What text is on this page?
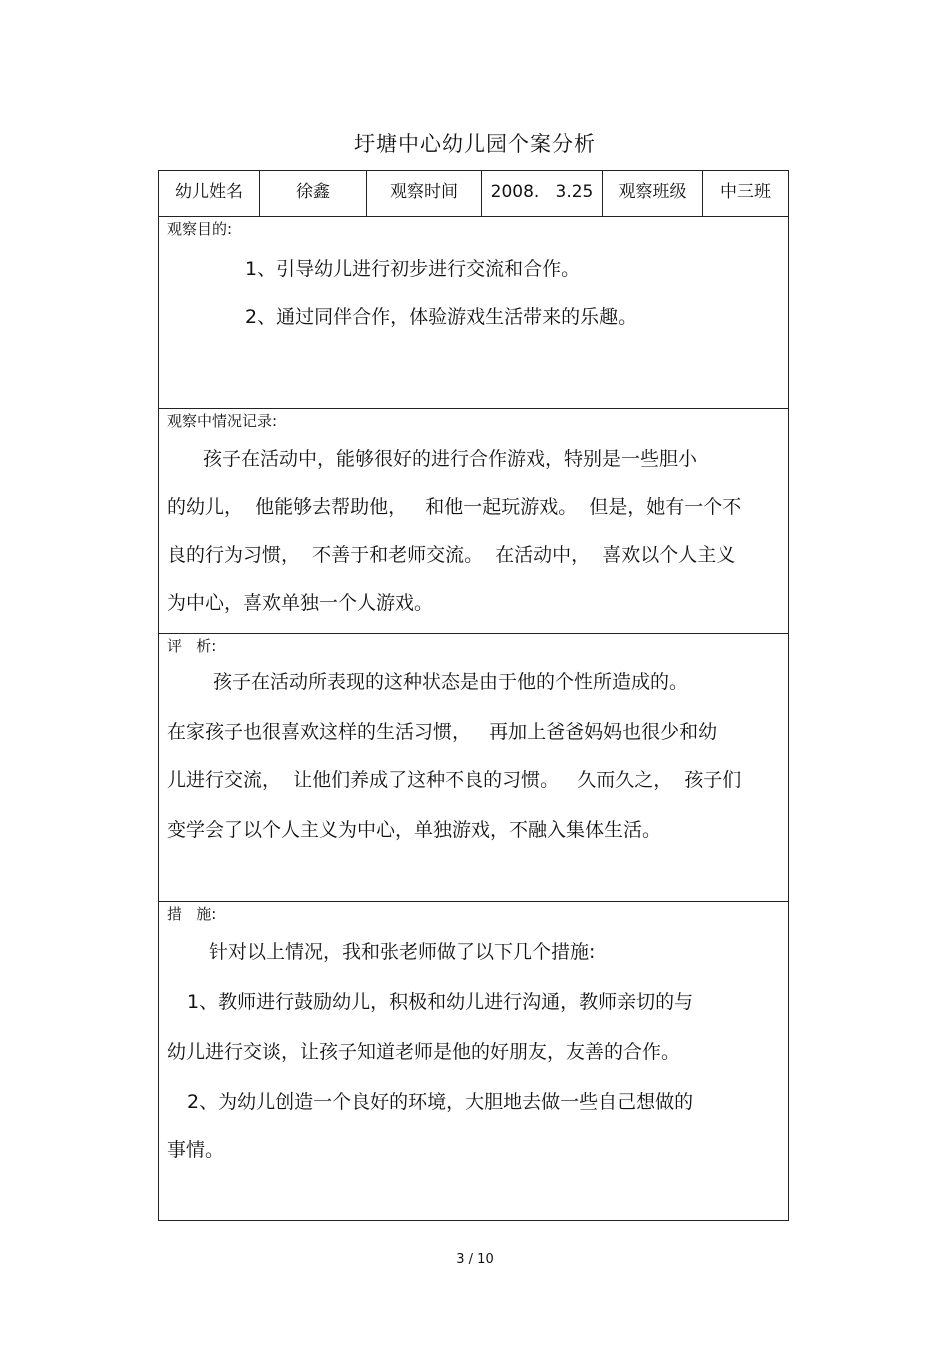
圩塘中心幼儿园个案分析
幼儿姓名	徐鑫	观察时间	2008.   3.25	观察班级	中三班
观察目的:
1、引导幼儿进行初步进行交流和合作。
2、通过同伴合作，体验游戏生活带来的乐趣。
观察中情况记录:
孩子在活动中，能够很好的进行合作游戏，特别是一些胆小
的幼儿，  他能够去帮助他，   和他一起玩游戏。  但是，她有一个不
良的行为习惯，  不善于和老师交流。  在活动中，  喜欢以个人主义
为中心，喜欢单独一个人游戏。
评   析:
孩子在活动所表现的这种状态是由于他的个性所造成的。
在家孩子也很喜欢这样的生活习惯，   再加上爸爸妈妈也很少和幼
儿进行交流，  让他们养成了这种不良的习惯。   久而久之，  孩子们
变学会了以个人主义为中心，单独游戏，不融入集体生活。
措   施:
针对以上情况，我和张老师做了以下几个措施:
1、教师进行鼓励幼儿，积极和幼儿进行沟通，教师亲切的与
幼儿进行交谈，让孩子知道老师是他的好朋友，友善的合作。
2、为幼儿创造一个良好的环境，大胆地去做一些自己想做的
事情。
3 / 10
